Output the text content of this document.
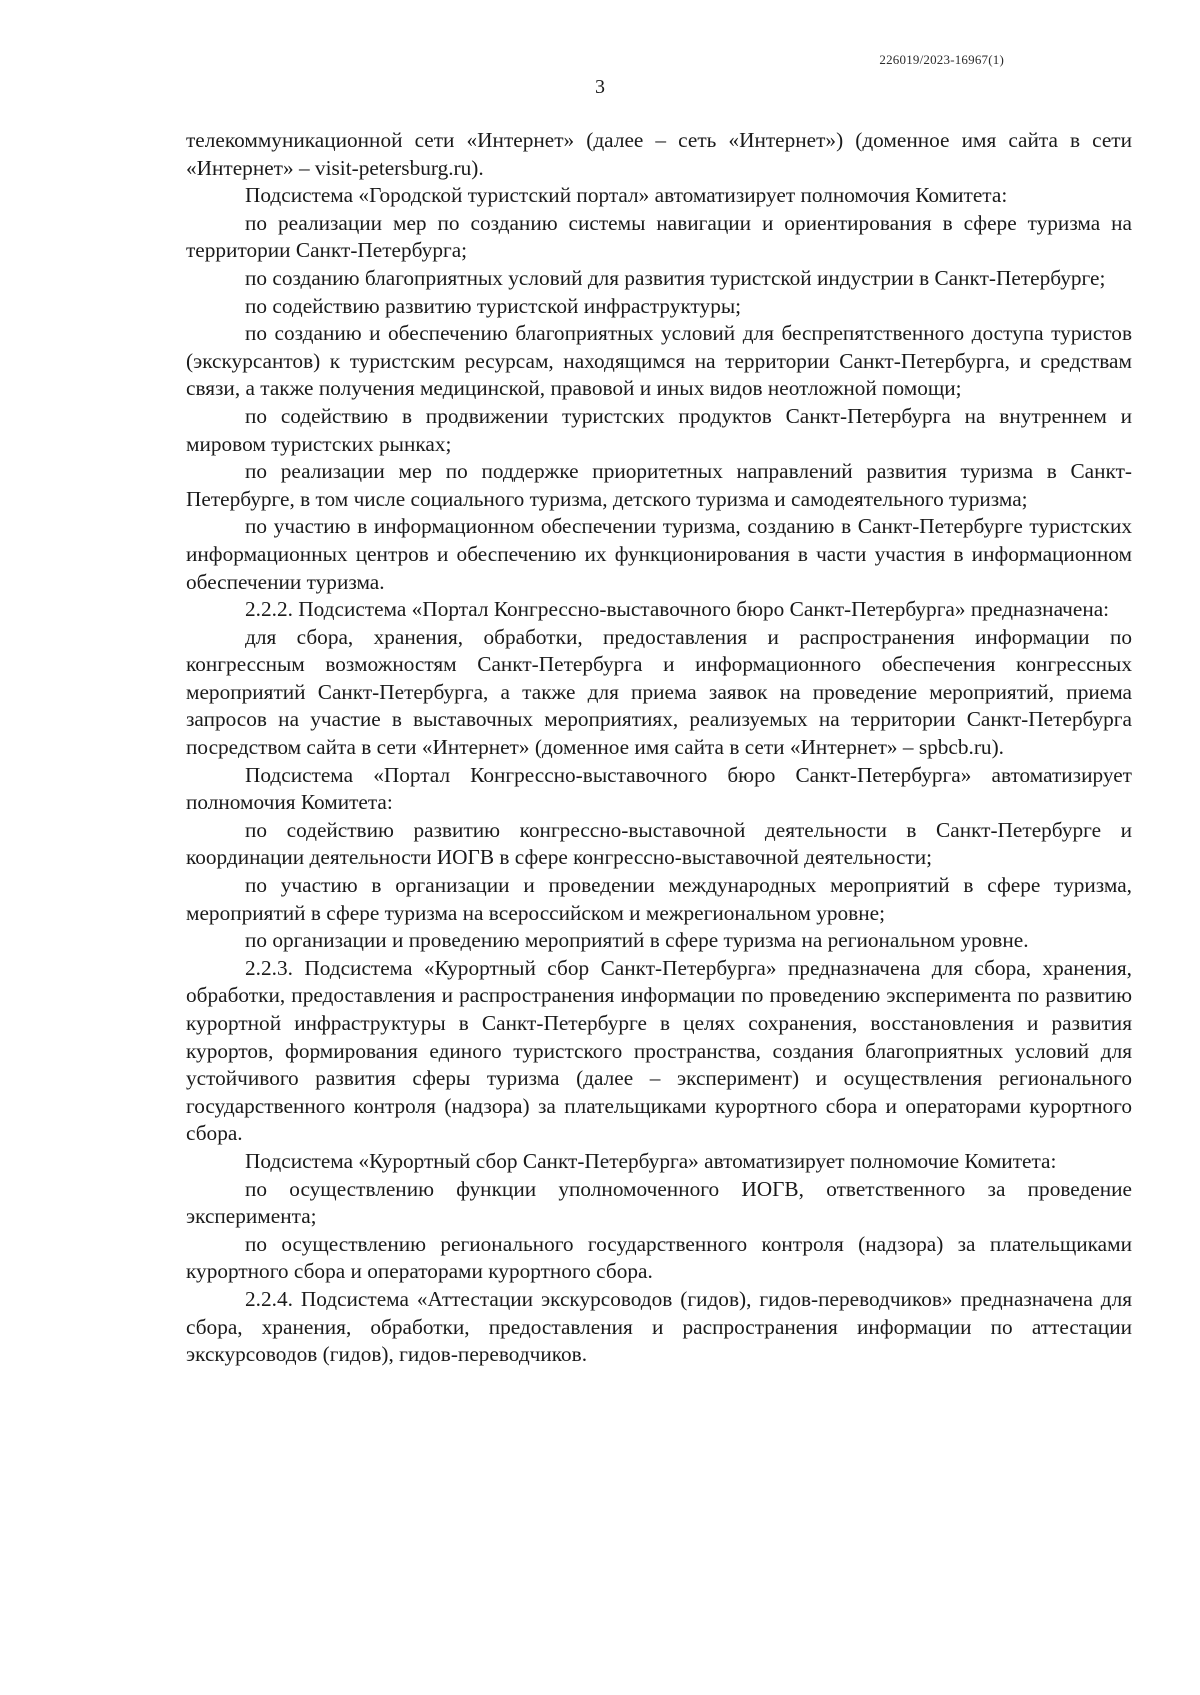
226019/2023-16967(1)
3

телекоммуникационной сети «Интернет» (далее – сеть «Интернет») (доменное имя сайта в сети «Интернет» – visit-petersburg.ru).

Подсистема «Городской туристский портал» автоматизирует полномочия Комитета:

по реализации мер по созданию системы навигации и ориентирования в сфере туризма на территории Санкт-Петербурга;

по созданию благоприятных условий для развития туристской индустрии в Санкт-Петербурге;

по содействию развитию туристской инфраструктуры;

по созданию и обеспечению благоприятных условий для беспрепятственного доступа туристов (экскурсантов) к туристским ресурсам, находящимся на территории Санкт-Петербурга, и средствам связи, а также получения медицинской, правовой и иных видов неотложной помощи;

по содействию в продвижении туристских продуктов Санкт-Петербурга на внутреннем и мировом туристских рынках;

по реализации мер по поддержке приоритетных направлений развития туризма в Санкт-Петербурге, в том числе социального туризма, детского туризма и самодеятельного туризма;

по участию в информационном обеспечении туризма, созданию в Санкт-Петербурге туристских информационных центров и обеспечению их функционирования в части участия в информационном обеспечении туризма.

2.2.2. Подсистема «Портал Конгрессно-выставочного бюро Санкт-Петербурга» предназначена:

для сбора, хранения, обработки, предоставления и распространения информации по конгрессным возможностям Санкт-Петербурга и информационного обеспечения конгрессных мероприятий Санкт-Петербурга, а также для приема заявок на проведение мероприятий, приема запросов на участие в выставочных мероприятиях, реализуемых на территории Санкт-Петербурга посредством сайта в сети «Интернет» (доменное имя сайта в сети «Интернет» – spbcb.ru).

Подсистема «Портал Конгрессно-выставочного бюро Санкт-Петербурга» автоматизирует полномочия Комитета:

по содействию развитию конгрессно-выставочной деятельности в Санкт-Петербурге и координации деятельности ИОГВ в сфере конгрессно-выставочной деятельности;

по участию в организации и проведении международных мероприятий в сфере туризма, мероприятий в сфере туризма на всероссийском и межрегиональном уровне;

по организации и проведению мероприятий в сфере туризма на региональном уровне.

2.2.3. Подсистема «Курортный сбор Санкт-Петербурга» предназначена для сбора, хранения, обработки, предоставления и распространения информации по проведению эксперимента по развитию курортной инфраструктуры в Санкт-Петербурге в целях сохранения, восстановления и развития курортов, формирования единого туристского пространства, создания благоприятных условий для устойчивого развития сферы туризма (далее – эксперимент) и осуществления регионального государственного контроля (надзора) за плательщиками курортного сбора и операторами курортного сбора.

Подсистема «Курортный сбор Санкт-Петербурга» автоматизирует полномочие Комитета:

по осуществлению функции уполномоченного ИОГВ, ответственного за проведение эксперимента;

по осуществлению регионального государственного контроля (надзора) за плательщиками курортного сбора и операторами курортного сбора.

2.2.4. Подсистема «Аттестации экскурсоводов (гидов), гидов-переводчиков» предназначена для сбора, хранения, обработки, предоставления и распространения информации по аттестации экскурсоводов (гидов), гидов-переводчиков.
